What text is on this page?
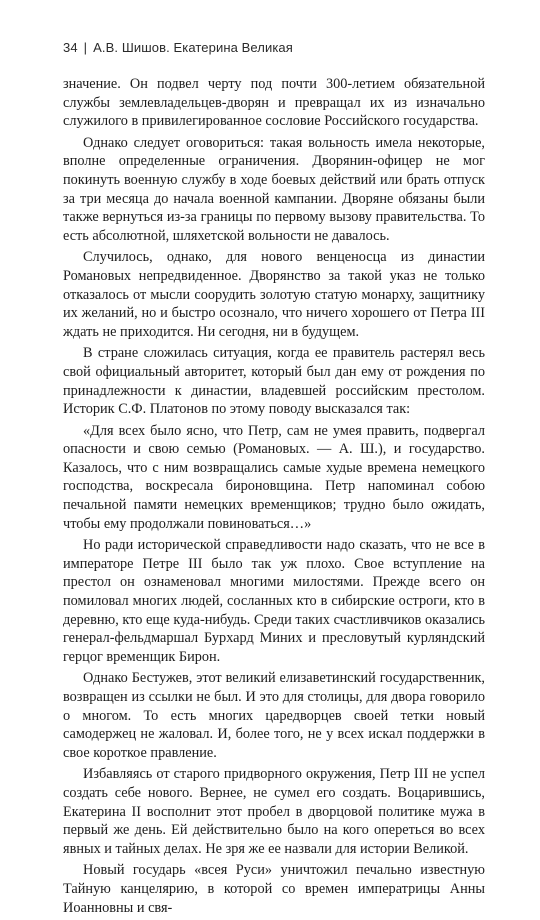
34 | А.В. Шишов. Екатерина Великая

значение. Он подвел черту под почти 300-летием обязательной службы землевладельцев-дворян и превращал их из изначально служилого в привилегированное сословие Российского государства.

Однако следует оговориться: такая вольность имела некоторые, вполне определенные ограничения. Дворянин-офицер не мог покинуть военную службу в ходе боевых действий или брать отпуск за три месяца до начала военной кампании. Дворяне обязаны были также вернуться из-за границы по первому вызову правительства. То есть абсолютной, шляхетской вольности не давалось.

Случилось, однако, для нового венценосца из династии Романовых непредвиденное. Дворянство за такой указ не только отказалось от мысли соорудить золотую статую монарху, защитнику их желаний, но и быстро осознало, что ничего хорошего от Петра III ждать не приходится. Ни сегодня, ни в будущем.

В стране сложилась ситуация, когда ее правитель растерял весь свой официальный авторитет, который был дан ему от рождения по принадлежности к династии, владевшей российским престолом. Историк С.Ф. Платонов по этому поводу высказался так:

«Для всех было ясно, что Петр, сам не умея править, подвергал опасности и свою семью (Романовых. — А. Ш.), и государство. Казалось, что с ним возвращались самые худые времена немецкого господства, воскресала бироновщина. Петр напоминал собою печальной памяти немецких временщиков; трудно было ожидать, чтобы ему продолжали повиноваться…»

Но ради исторической справедливости надо сказать, что не все в императоре Петре III было так уж плохо. Свое вступление на престол он ознаменовал многими милостями. Прежде всего он помиловал многих людей, сосланных кто в сибирские остроги, кто в деревню, кто еще куда-нибудь. Среди таких счастливчиков оказались генерал-фельдмаршал Бурхард Миних и пресловутый курляндский герцог временщик Бирон.

Однако Бестужев, этот великий елизаветинский государственник, возвращен из ссылки не был. И это для столицы, для двора говорило о многом. То есть многих царедворцев своей тетки новый самодержец не жаловал. И, более того, не у всех искал поддержки в свое короткое правление.

Избавляясь от старого придворного окружения, Петр III не успел создать себе нового. Вернее, не сумел его создать. Воцарившись, Екатерина II восполнит этот пробел в дворцовой политике мужа в первый же день. Ей действительно было на кого опереться во всех явных и тайных делах. Не зря же ее назвали для истории Великой.

Новый государь «всея Руси» уничтожил печально известную Тайную канцелярию, в которой со времен императрицы Анны Иоанновны и свя-
